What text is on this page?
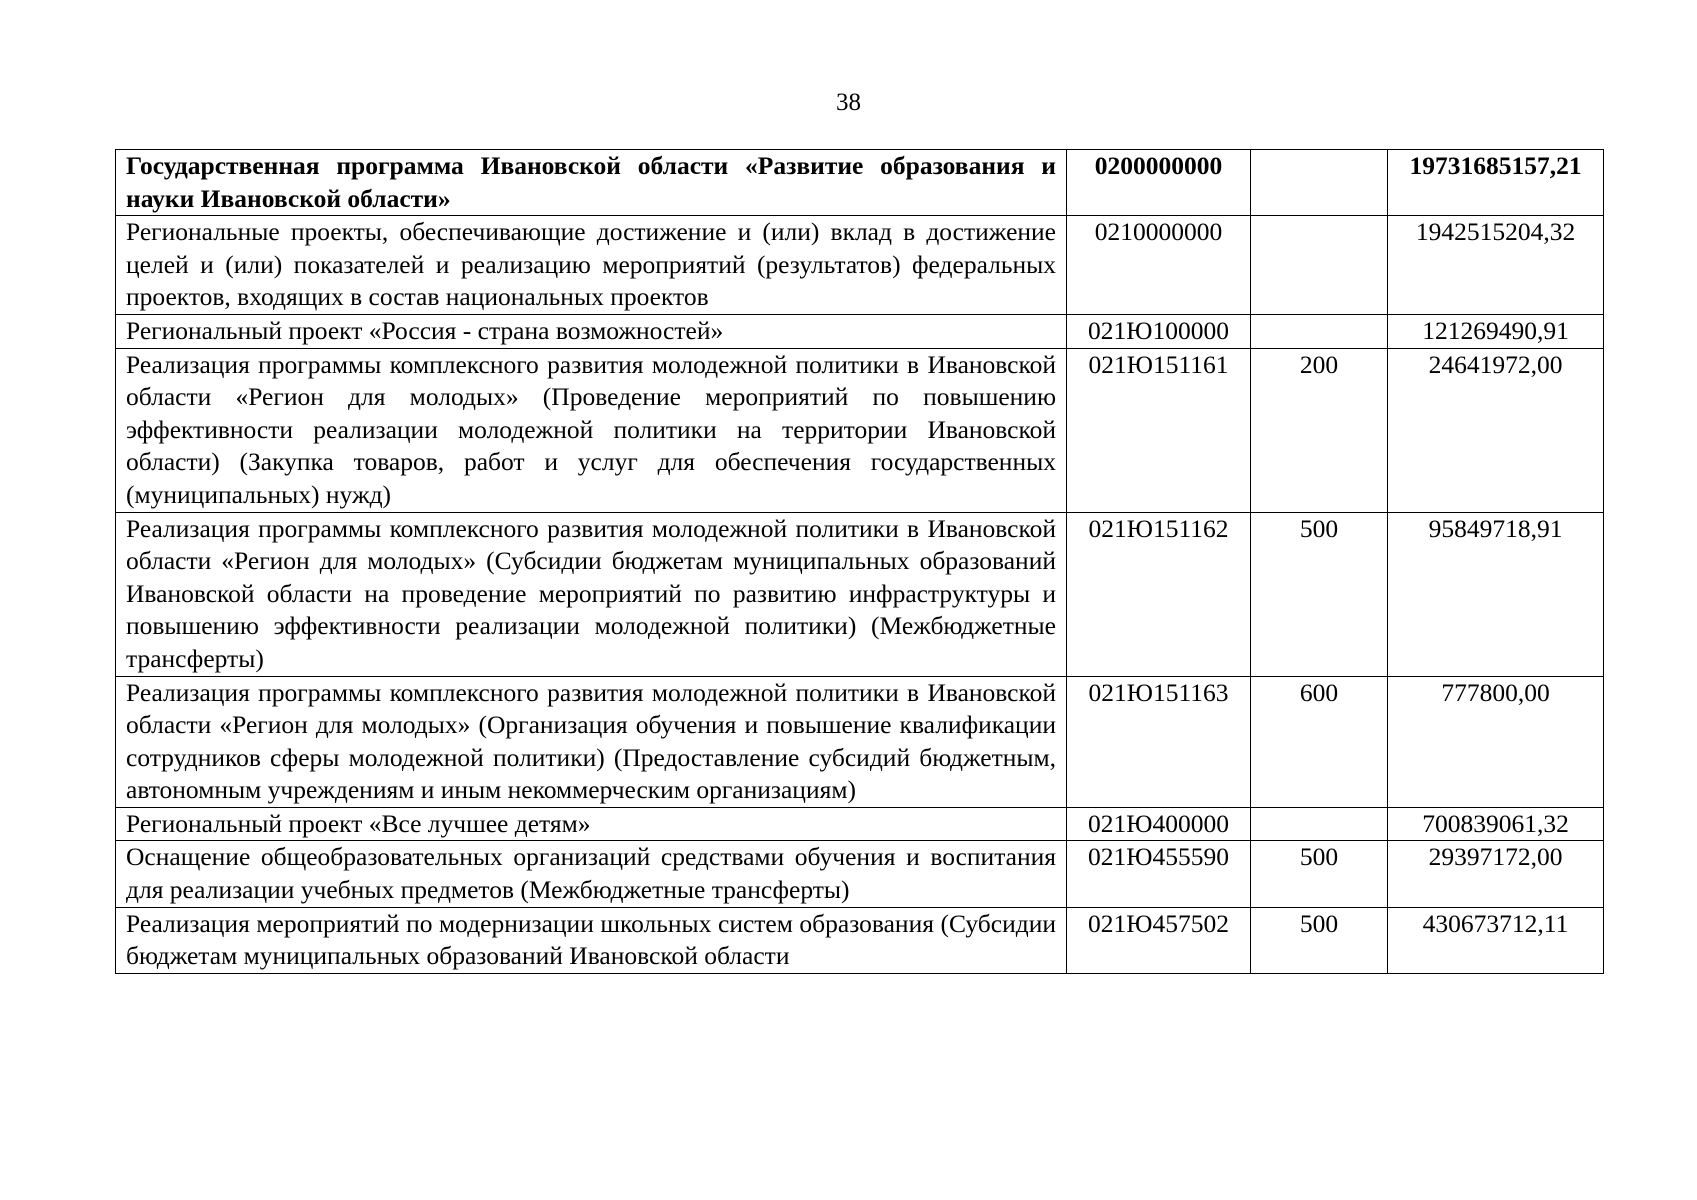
38
Государственная программа Ивановской области «Развитие образования и науки Ивановской области»	0200000000		19731685157,21
Региональные проекты, обеспечивающие достижение и (или) вклад в достижение целей и (или) показателей и реализацию мероприятий (результатов) федеральных проектов, входящих в состав национальных проектов	0210000000		1942515204,32
Региональный проект «Россия - страна возможностей»	021Ю100000		121269490,91
Реализация программы комплексного развития молодежной политики в Ивановской области «Регион для молодых» (Проведение мероприятий по повышению эффективности реализации молодежной политики на территории Ивановской области) (Закупка товаров, работ и услуг для обеспечения государственных (муниципальных) нужд)	021Ю151161	200	24641972,00
Реализация программы комплексного развития молодежной политики в Ивановской области «Регион для молодых» (Субсидии бюджетам муниципальных образований Ивановской области на проведение мероприятий по развитию инфраструктуры и повышению эффективности реализации молодежной политики) (Межбюджетные трансферты)	021Ю151162	500	95849718,91
Реализация программы комплексного развития молодежной политики в Ивановской области «Регион для молодых» (Организация обучения и повышение квалификации сотрудников сферы молодежной политики) (Предоставление субсидий бюджетным, автономным учреждениям и иным некоммерческим организациям)	021Ю151163	600	777800,00
Региональный проект «Все лучшее детям»	021Ю400000		700839061,32
Оснащение общеобразовательных организаций средствами обучения и воспитания для реализации учебных предметов (Межбюджетные трансферты)	021Ю455590	500	29397172,00
Реализация мероприятий по модернизации школьных систем образования (Субсидии бюджетам муниципальных образований Ивановской области	021Ю457502	500	430673712,11
